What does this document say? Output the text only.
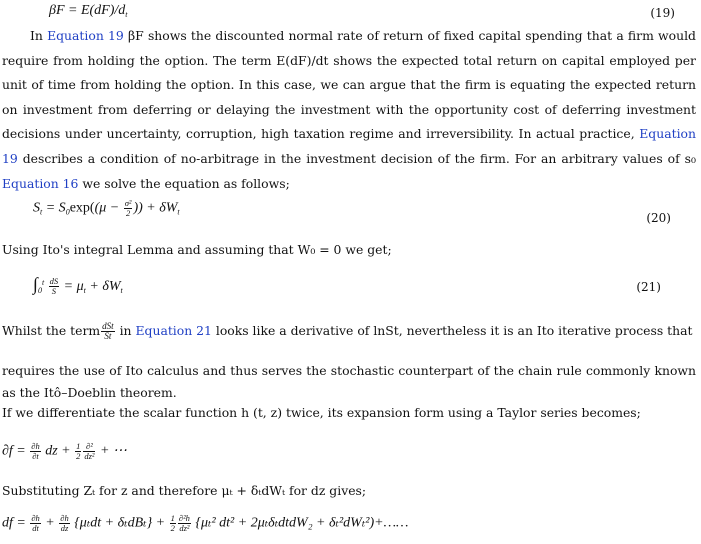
$\beta F = E(dF)/d_t$	(19)
In Equation 19 βF shows the discounted normal rate of return of fixed capital spending that a firm would require from holding the option. The term E(dF)/dt shows the expected total return on capital employed per unit of time from holding the option. In this case, we can argue that the firm is equating the expected return on investment from deferring or delaying the investment with the opportunity cost of deferring investment decisions under uncertainty, corruption, high taxation regime and irreversibility. In actual practice, Equation 19 describes a condition of no-arbitrage in the investment decision of the firm. For an arbitrary values of s₀ Equation 16 we solve the equation as follows;
$S_t = S_0\exp((\mu - \frac{\text{σ²}}{2}$ )) + $\delta W_t$	(20)
Using Ito's integral Lemma and assuming that W₀ = 0 we get;
$\int_0^t \frac{dS}{S} = \mu_t + \delta W_t$	(21)
Whilst the term $\frac{\text{dSt}}{St}$ in Equation 21 looks like a derivative of lnSt, nevertheless it is an Ito iterative process that
requires the use of Ito calculus and thus serves the stochastic counterpart of the chain rule commonly known as the Itô–Doeblin theorem.
If we differentiate the scalar function h (t, z) twice, its expansion form using a Taylor series becomes;
$\partial f = \frac{\partial h}{\partial t}$ dz + $\frac{1}{2} \frac{\text{∂²}}{\text{dz²}}$ + ⋯
Substituting Zₜ for z and therefore μₜ + δₜdWₜ for dz gives;
df = $\frac{\partial h}{dt} + \frac{\partial h}{dz} \{\mu_tdt + \delta_tdB_t\} + \frac{1}{2} \frac{\text{∂²h}}{\text{dz²}} \{\mu_t^2$ dt² + 2μₜδₜdtdW₂ + δₜ²dWₜ²)+……
